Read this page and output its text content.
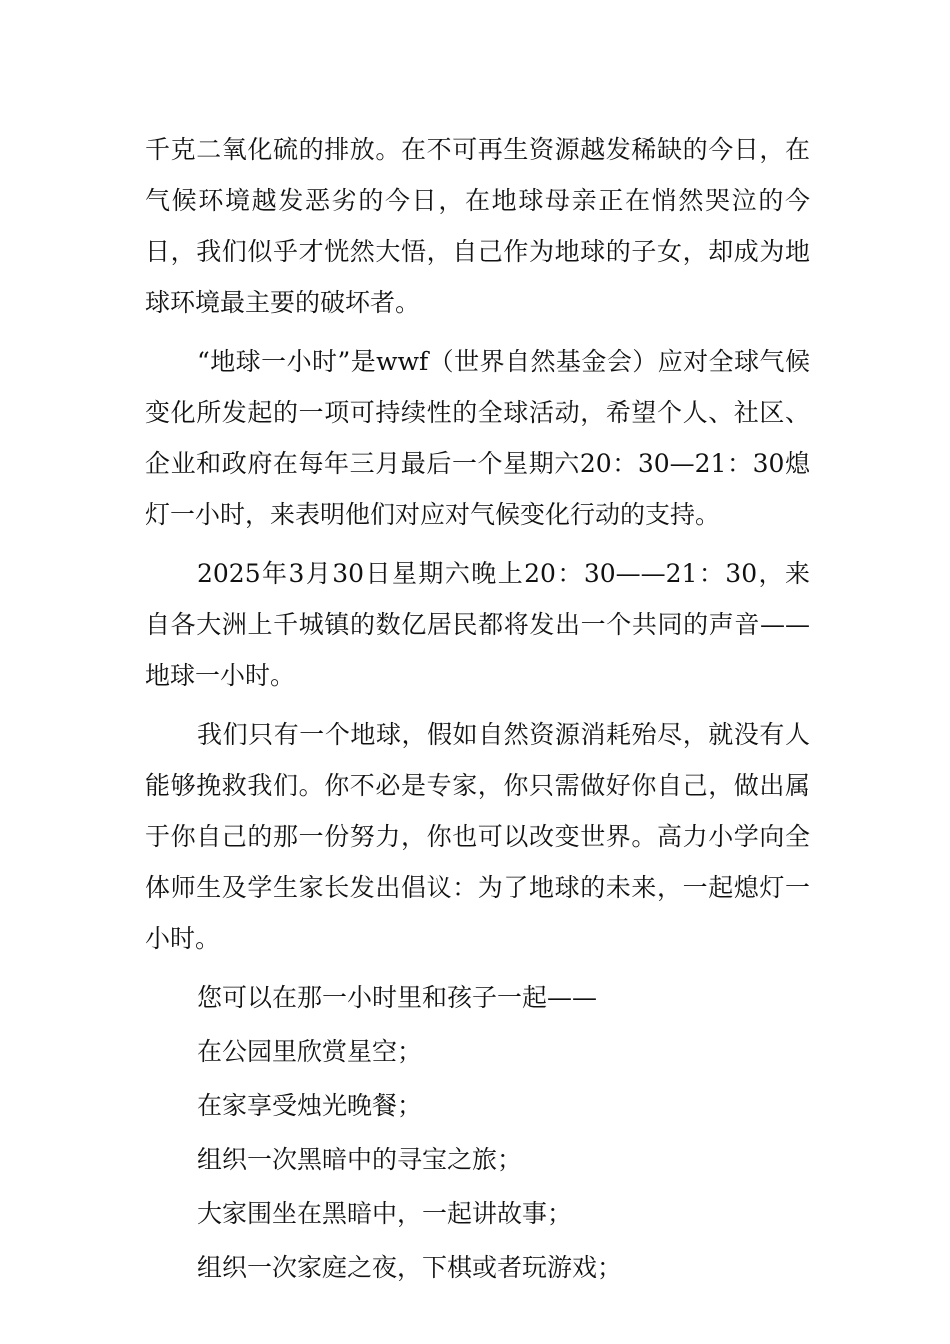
千克二氧化硫的排放。在不可再生资源越发稀缺的今日，在气候环境越发恶劣的今日，在地球母亲正在悄然哭泣的今日，我们似乎才恍然大悟，自己作为地球的子女，却成为地球环境最主要的破坏者。

“地球一小时”是wwf（世界自然基金会）应对全球气候变化所发起的一项可持续性的全球活动，希望个人、社区、企业和政府在每年三月最后一个星期六20：30—21：30熄灯一小时，来表明他们对应对气候变化行动的支持。

2025年3月30日星期六晚上20：30——21：30，来自各大洲上千城镇的数亿居民都将发出一个共同的声音——地球一小时。

我们只有一个地球，假如自然资源消耗殆尽，就没有人能够挽救我们。你不必是专家，你只需做好你自己，做出属于你自己的那一份努力，你也可以改变世界。高力小学向全体师生及学生家长发出倡议：为了地球的未来，一起熄灯一小时。

您可以在那一小时里和孩子一起——
在公园里欣赏星空；
在家享受烛光晚餐；
组织一次黑暗中的寻宝之旅；
大家围坐在黑暗中，一起讲故事；
组织一次家庭之夜，下棋或者玩游戏；
